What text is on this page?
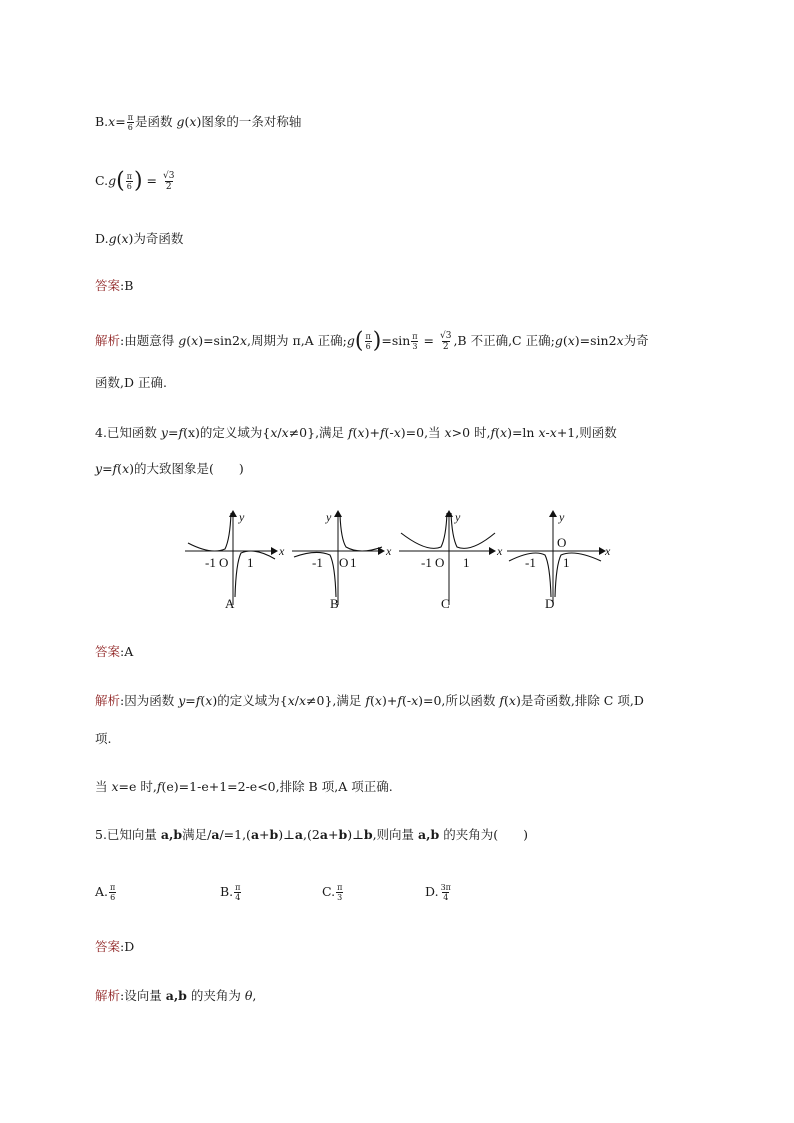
$B.x= \frac{\pi}{6}$ 是函数 g(x)图象的一条对称轴
$C.g( \frac{\pi}{6}$ ) = $\frac{√3}{2}$
D.g(x)为奇函数
答案:B
解析:由题意得 g(x)=sin2x,周期为 π,A 正确;g( $\frac{\pi}{6} )=\sin \frac{\pi}{3} = \frac{√3}{2} ,B$ 不正确,C 正确;g(x)=sin2x为奇
函数,D 正确.
4.已知函数 y=f(x)的定义域为{x/x≠0},满足 f(x)+f(-x)=0,当 x>0 时,f(x)=ln x-x+1,则函数
y=f(x)的大致图象是(　　)
y
x
-1 O 1
A
y
x
-1 O 1
B
y
x
-1 O 1
C
y
x
-1
O
1
D
答案:A
解析:因为函数 y=f(x)的定义域为{x/x≠0},满足 f(x)+f(-x)=0,所以函数 f(x)是奇函数,排除 C 项,D
项.
当 x=e 时,f(e)=1-e+1=2-e<0,排除 B 项,A 项正确.
5.已知向量 a,b满足/a/=1,(a+b)⊥a,(2a+b)⊥b,则向量 a,b 的夹角为(　　)
A. $\frac{\pi}{6}$	B. $\frac{\pi}{4}$	C. $\frac{\pi}{3}$	D. $\frac{3\pi}{4}$
答案:D
解析:设向量 a,b 的夹角为 θ,
